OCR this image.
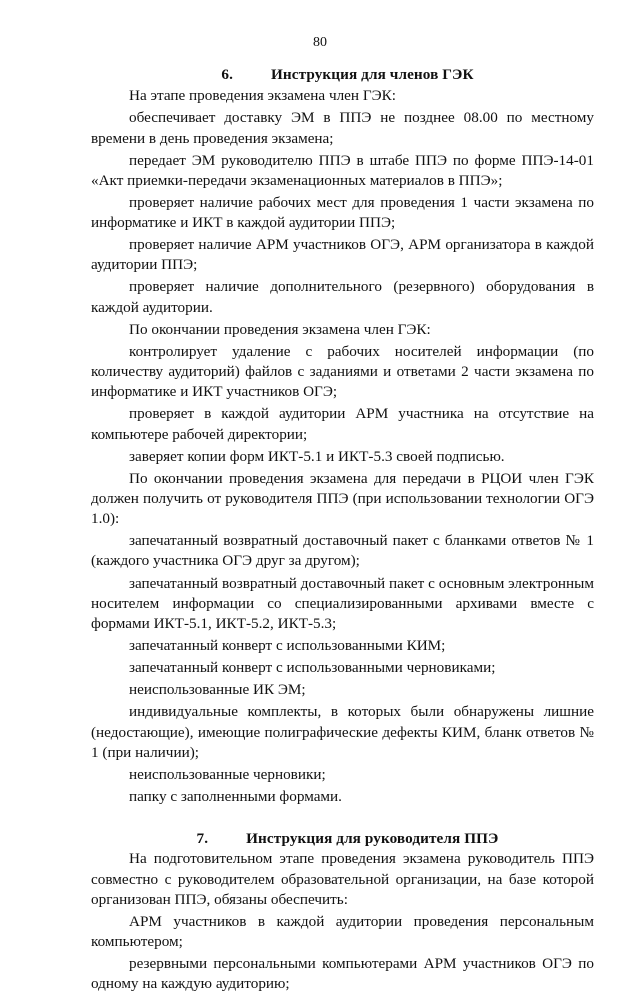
80
6.	Инструкция для членов ГЭК

На этапе проведения экзамена член ГЭК:

обеспечивает доставку ЭМ в ППЭ не позднее 08.00 по местному времени в день проведения экзамена;

передает ЭМ руководителю ППЭ в штабе ППЭ по форме ППЭ-14-01 «Акт приемки-передачи экзаменационных материалов в ППЭ»;

проверяет наличие рабочих мест для проведения 1 части экзамена по информатике и ИКТ в каждой аудитории ППЭ;

проверяет наличие АРМ участников ОГЭ, АРМ организатора в каждой аудитории ППЭ;

проверяет наличие дополнительного (резервного) оборудования в каждой аудитории.

По окончании проведения экзамена член ГЭК:

контролирует удаление с рабочих носителей информации (по количеству аудиторий) файлов с заданиями и ответами 2 части экзамена по информатике и ИКТ участников ОГЭ;

проверяет в каждой аудитории АРМ участника на отсутствие на компьютере рабочей директории;

заверяет копии форм ИКТ-5.1 и ИКТ-5.3 своей подписью.

По окончании проведения экзамена для передачи в РЦОИ член ГЭК должен получить от руководителя ППЭ (при использовании технологии ОГЭ 1.0):

запечатанный возвратный доставочный пакет с бланками ответов № 1 (каждого участника ОГЭ друг за другом);

запечатанный возвратный доставочный пакет с основным электронным носителем информации со специализированными архивами вместе с формами ИКТ-5.1, ИКТ-5.2, ИКТ-5.3;

запечатанный конверт с использованными КИМ;

запечатанный конверт с использованными черновиками;

неиспользованные ИК ЭМ;

индивидуальные комплекты, в которых были обнаружены лишние (недостающие), имеющие полиграфические дефекты КИМ, бланк ответов № 1 (при наличии);

неиспользованные черновики;

папку с заполненными формами.

7.	Инструкция для руководителя ППЭ

На подготовительном этапе проведения экзамена руководитель ППЭ совместно с руководителем образовательной организации, на базе которой организован ППЭ, обязаны обеспечить:

АРМ участников в каждой аудитории проведения персональным компьютером;

резервными персональными компьютерами АРМ участников ОГЭ по одному на каждую аудиторию;
